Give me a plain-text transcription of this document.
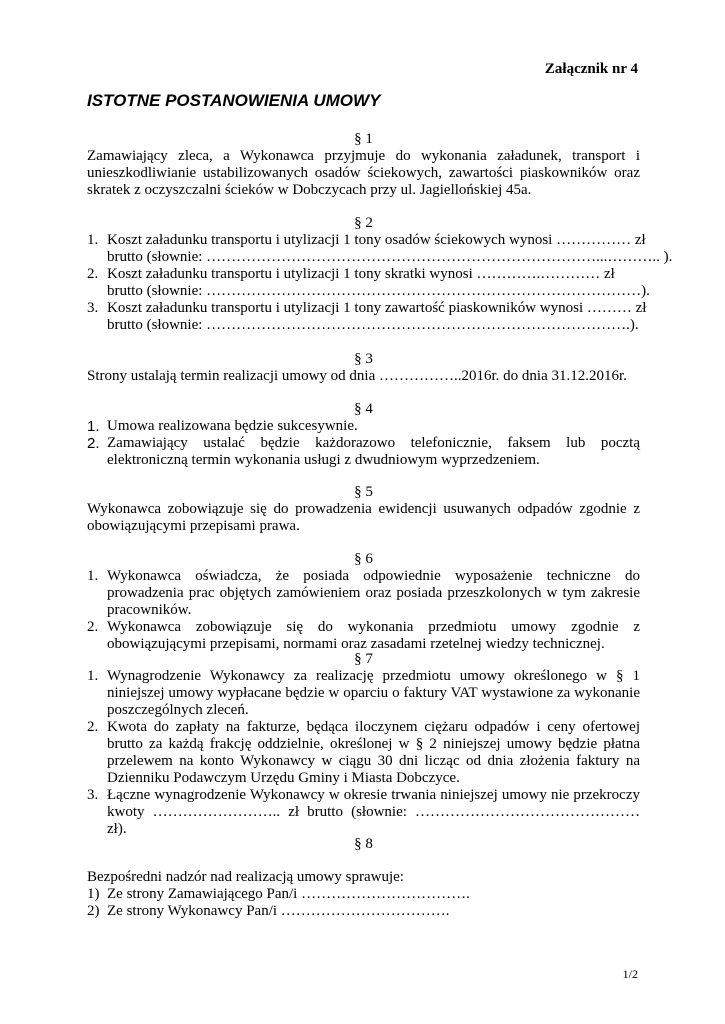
Załącznik nr 4
ISTOTNE POSTANOWIENIA UMOWY
§ 1
Zamawiający zleca, a Wykonawca przyjmuje do wykonania załadunek, transport i unieszkodliwianie ustabilizowanych osadów ściekowych, zawartości piaskowników oraz skratek z oczyszczalni ścieków w Dobczycach przy ul. Jagiellońskiej 45a.
§ 2
1. Koszt załadunku transportu i utylizacji 1 tony osadów ściekowych wynosi …………… zł
brutto (słownie: ……………………………………………………………………...……….. ).
2. Koszt załadunku transportu i utylizacji 1 tony skratki wynosi ………….………… zł
brutto (słownie: ……………………………………………………………………………).
3. Koszt załadunku transportu i utylizacji 1 tony zawartość piaskowników wynosi ……… zł
brutto (słownie: ………………………………………………………………………….).
§ 3
Strony ustalają termin realizacji umowy od dnia ……………..2016r. do dnia 31.12.2016r.
§ 4
1. Umowa realizowana będzie sukcesywnie.
2. Zamawiający ustalać będzie każdorazowo telefonicznie, faksem lub pocztą elektroniczną termin wykonania usługi z dwudniowym wyprzedzeniem.
§ 5
Wykonawca zobowiązuje się do prowadzenia ewidencji usuwanych odpadów zgodnie z obowiązującymi przepisami prawa.
§ 6
1. Wykonawca oświadcza, że posiada odpowiednie wyposażenie techniczne do prowadzenia prac objętych zamówieniem oraz posiada przeszkolonych w tym zakresie pracowników.
2. Wykonawca zobowiązuje się do wykonania przedmiotu umowy zgodnie z obowiązującymi przepisami, normami oraz zasadami rzetelnej wiedzy technicznej.
§ 7
1. Wynagrodzenie Wykonawcy za realizację przedmiotu umowy określonego w § 1 niniejszej umowy wypłacane będzie w oparciu o faktury VAT wystawione za wykonanie poszczególnych zleceń.
2. Kwota do zapłaty na fakturze, będąca iloczynem ciężaru odpadów i ceny ofertowej brutto za każdą frakcję oddzielnie, określonej w § 2 niniejszej umowy będzie płatna przelewem na konto Wykonawcy w ciągu 30 dni licząc od dnia złożenia faktury na Dzienniku Podawczym Urzędu Gminy i Miasta Dobczyce.
3. Łączne wynagrodzenie Wykonawcy w okresie trwania niniejszej umowy nie przekroczy kwoty …………………….. zł brutto (słownie: ……………………………………… zł).
§ 8
Bezpośredni nadzór nad realizacją umowy sprawuje:
1) Ze strony Zamawiającego Pan/i …………………………….
2) Ze strony Wykonawcy Pan/i …………………………….
1/2
